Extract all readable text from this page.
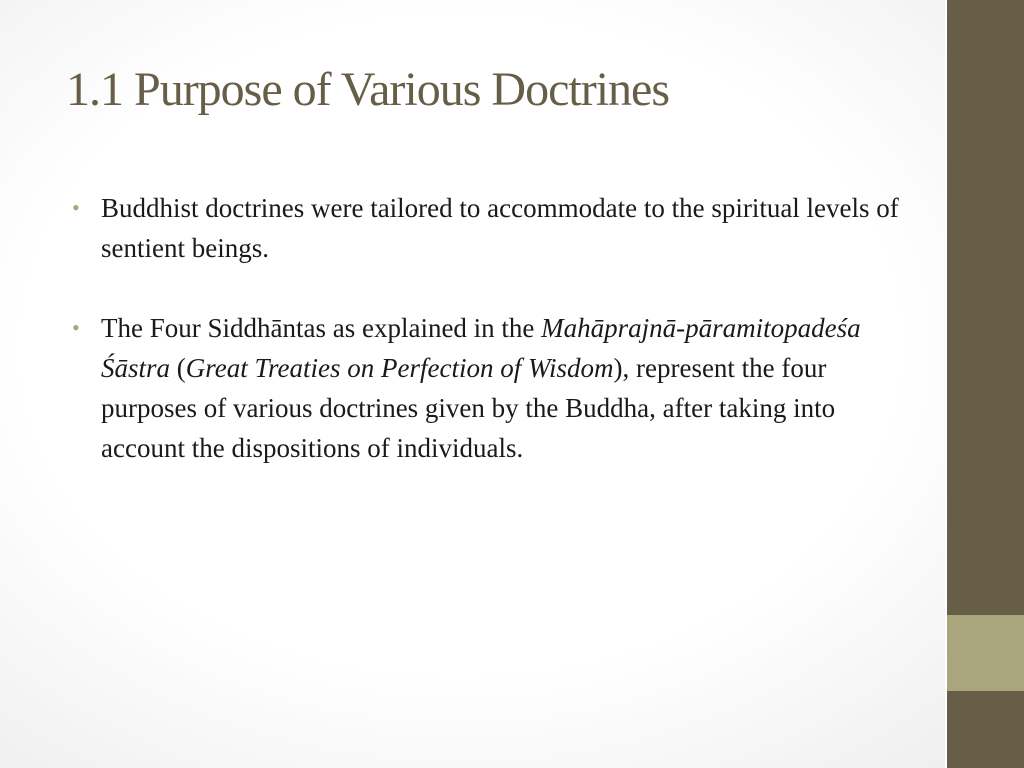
1.1 Purpose of Various Doctrines
• Buddhist doctrines were tailored to accommodate to the spiritual levels of sentient beings.
• The Four Siddhāntas as explained in the Mahāprajnā-pāramitopadeśa Śāstra (Great Treaties on Perfection of Wisdom), represent the four purposes of various doctrines given by the Buddha, after taking into account the dispositions of individuals.
